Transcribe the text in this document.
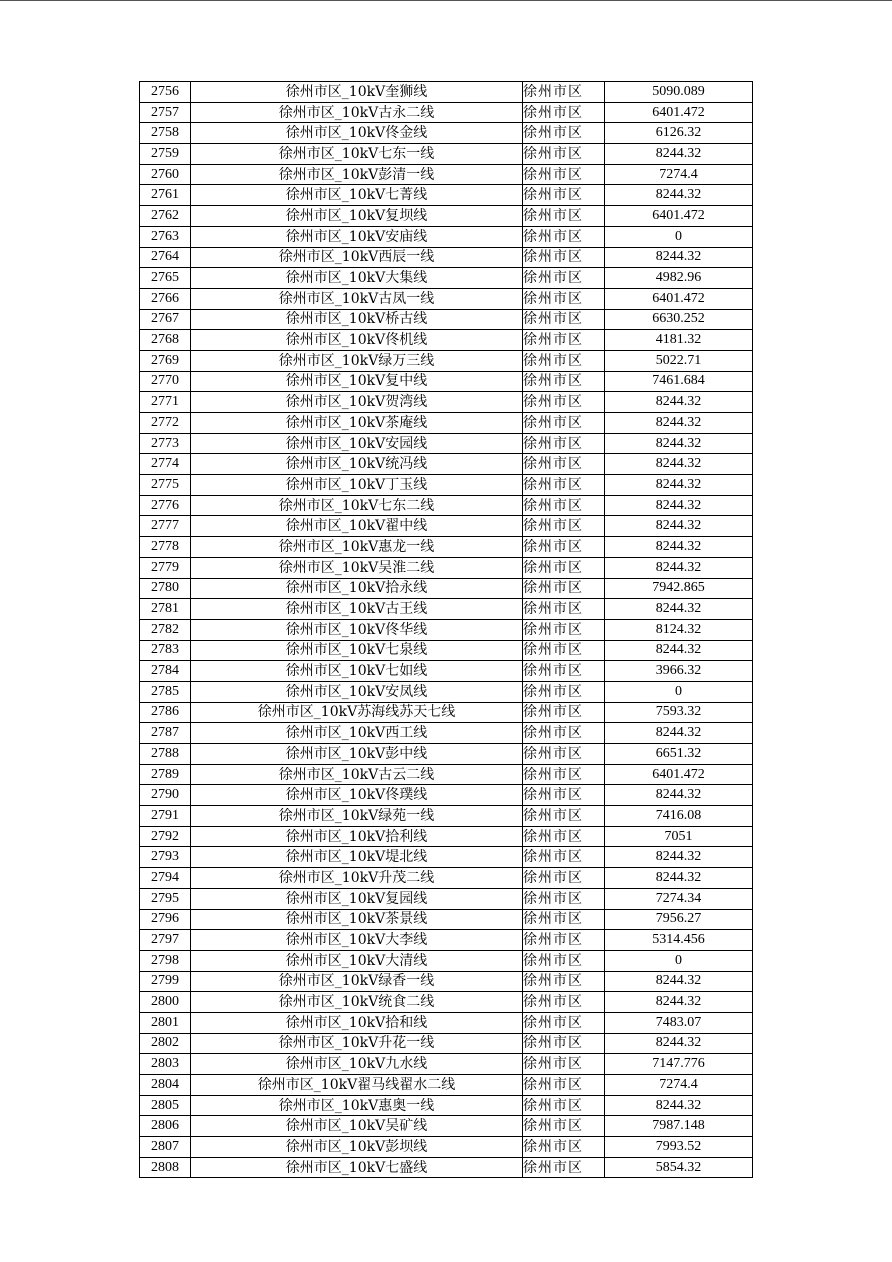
2756	徐州市区_10kV奎狮线	徐州市区	5090.089
2757	徐州市区_10kV古永二线	徐州市区	6401.472
2758	徐州市区_10kV佟金线	徐州市区	6126.32
2759	徐州市区_10kV七东一线	徐州市区	8244.32
2760	徐州市区_10kV彭清一线	徐州市区	7274.4
2761	徐州市区_10kV七菁线	徐州市区	8244.32
2762	徐州市区_10kV复坝线	徐州市区	6401.472
2763	徐州市区_10kV安庙线	徐州市区	0
2764	徐州市区_10kV西辰一线	徐州市区	8244.32
2765	徐州市区_10kV大集线	徐州市区	4982.96
2766	徐州市区_10kV古凤一线	徐州市区	6401.472
2767	徐州市区_10kV桥古线	徐州市区	6630.252
2768	徐州市区_10kV佟机线	徐州市区	4181.32
2769	徐州市区_10kV绿万三线	徐州市区	5022.71
2770	徐州市区_10kV复中线	徐州市区	7461.684
2771	徐州市区_10kV贺湾线	徐州市区	8244.32
2772	徐州市区_10kV茶庵线	徐州市区	8244.32
2773	徐州市区_10kV安园线	徐州市区	8244.32
2774	徐州市区_10kV统冯线	徐州市区	8244.32
2775	徐州市区_10kV丁玉线	徐州市区	8244.32
2776	徐州市区_10kV七东二线	徐州市区	8244.32
2777	徐州市区_10kV翟中线	徐州市区	8244.32
2778	徐州市区_10kV惠龙一线	徐州市区	8244.32
2779	徐州市区_10kV吴淮二线	徐州市区	8244.32
2780	徐州市区_10kV拾永线	徐州市区	7942.865
2781	徐州市区_10kV古王线	徐州市区	8244.32
2782	徐州市区_10kV佟华线	徐州市区	8124.32
2783	徐州市区_10kV七泉线	徐州市区	8244.32
2784	徐州市区_10kV七如线	徐州市区	3966.32
2785	徐州市区_10kV安凤线	徐州市区	0
2786	徐州市区_10kV苏海线苏天七线	徐州市区	7593.32
2787	徐州市区_10kV西工线	徐州市区	8244.32
2788	徐州市区_10kV彭中线	徐州市区	6651.32
2789	徐州市区_10kV古云二线	徐州市区	6401.472
2790	徐州市区_10kV佟璞线	徐州市区	8244.32
2791	徐州市区_10kV绿苑一线	徐州市区	7416.08
2792	徐州市区_10kV拾利线	徐州市区	7051
2793	徐州市区_10kV堤北线	徐州市区	8244.32
2794	徐州市区_10kV升茂二线	徐州市区	8244.32
2795	徐州市区_10kV复园线	徐州市区	7274.34
2796	徐州市区_10kV茶景线	徐州市区	7956.27
2797	徐州市区_10kV大李线	徐州市区	5314.456
2798	徐州市区_10kV大清线	徐州市区	0
2799	徐州市区_10kV绿香一线	徐州市区	8244.32
2800	徐州市区_10kV统食二线	徐州市区	8244.32
2801	徐州市区_10kV拾和线	徐州市区	7483.07
2802	徐州市区_10kV升花一线	徐州市区	8244.32
2803	徐州市区_10kV九水线	徐州市区	7147.776
2804	徐州市区_10kV翟马线翟水二线	徐州市区	7274.4
2805	徐州市区_10kV惠奥一线	徐州市区	8244.32
2806	徐州市区_10kV吴矿线	徐州市区	7987.148
2807	徐州市区_10kV彭坝线	徐州市区	7993.52
2808	徐州市区_10kV七盛线	徐州市区	5854.32
